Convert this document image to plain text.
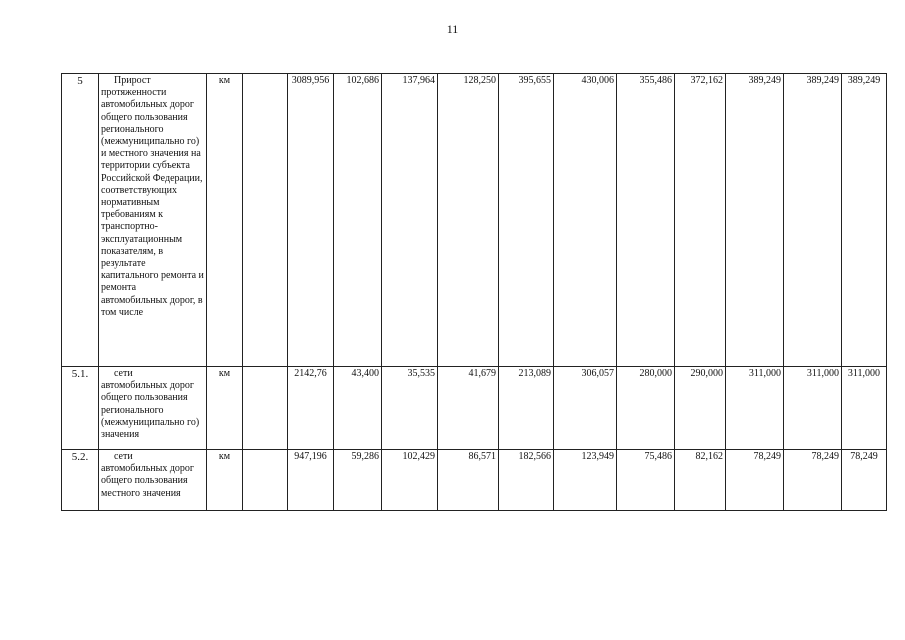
11
5	Прирост
протяженности автомобильных дорог общего пользования регионального (межмуниципально го) и местного значения на территории субъекта Российской Федерации, соответствующих нормативным требованиям к транспортно-эксплуатационным показателям, в результате капитального ремонта и ремонта автомобильных дорог, в том числе	км		3089,956	102,686	137,964	128,250	395,655	430,006	355,486	372,162	389,249	389,249	389,249
5.1.	сети
автомобильных дорог общего пользования регионального (межмуниципально го) значения	км		2142,76	43,400	35,535	41,679	213,089	306,057	280,000	290,000	311,000	311,000	311,000
5.2.	сети
автомобильных дорог общего пользования местного значения	км		947,196	59,286	102,429	86,571	182,566	123,949	75,486	82,162	78,249	78,249	78,249
